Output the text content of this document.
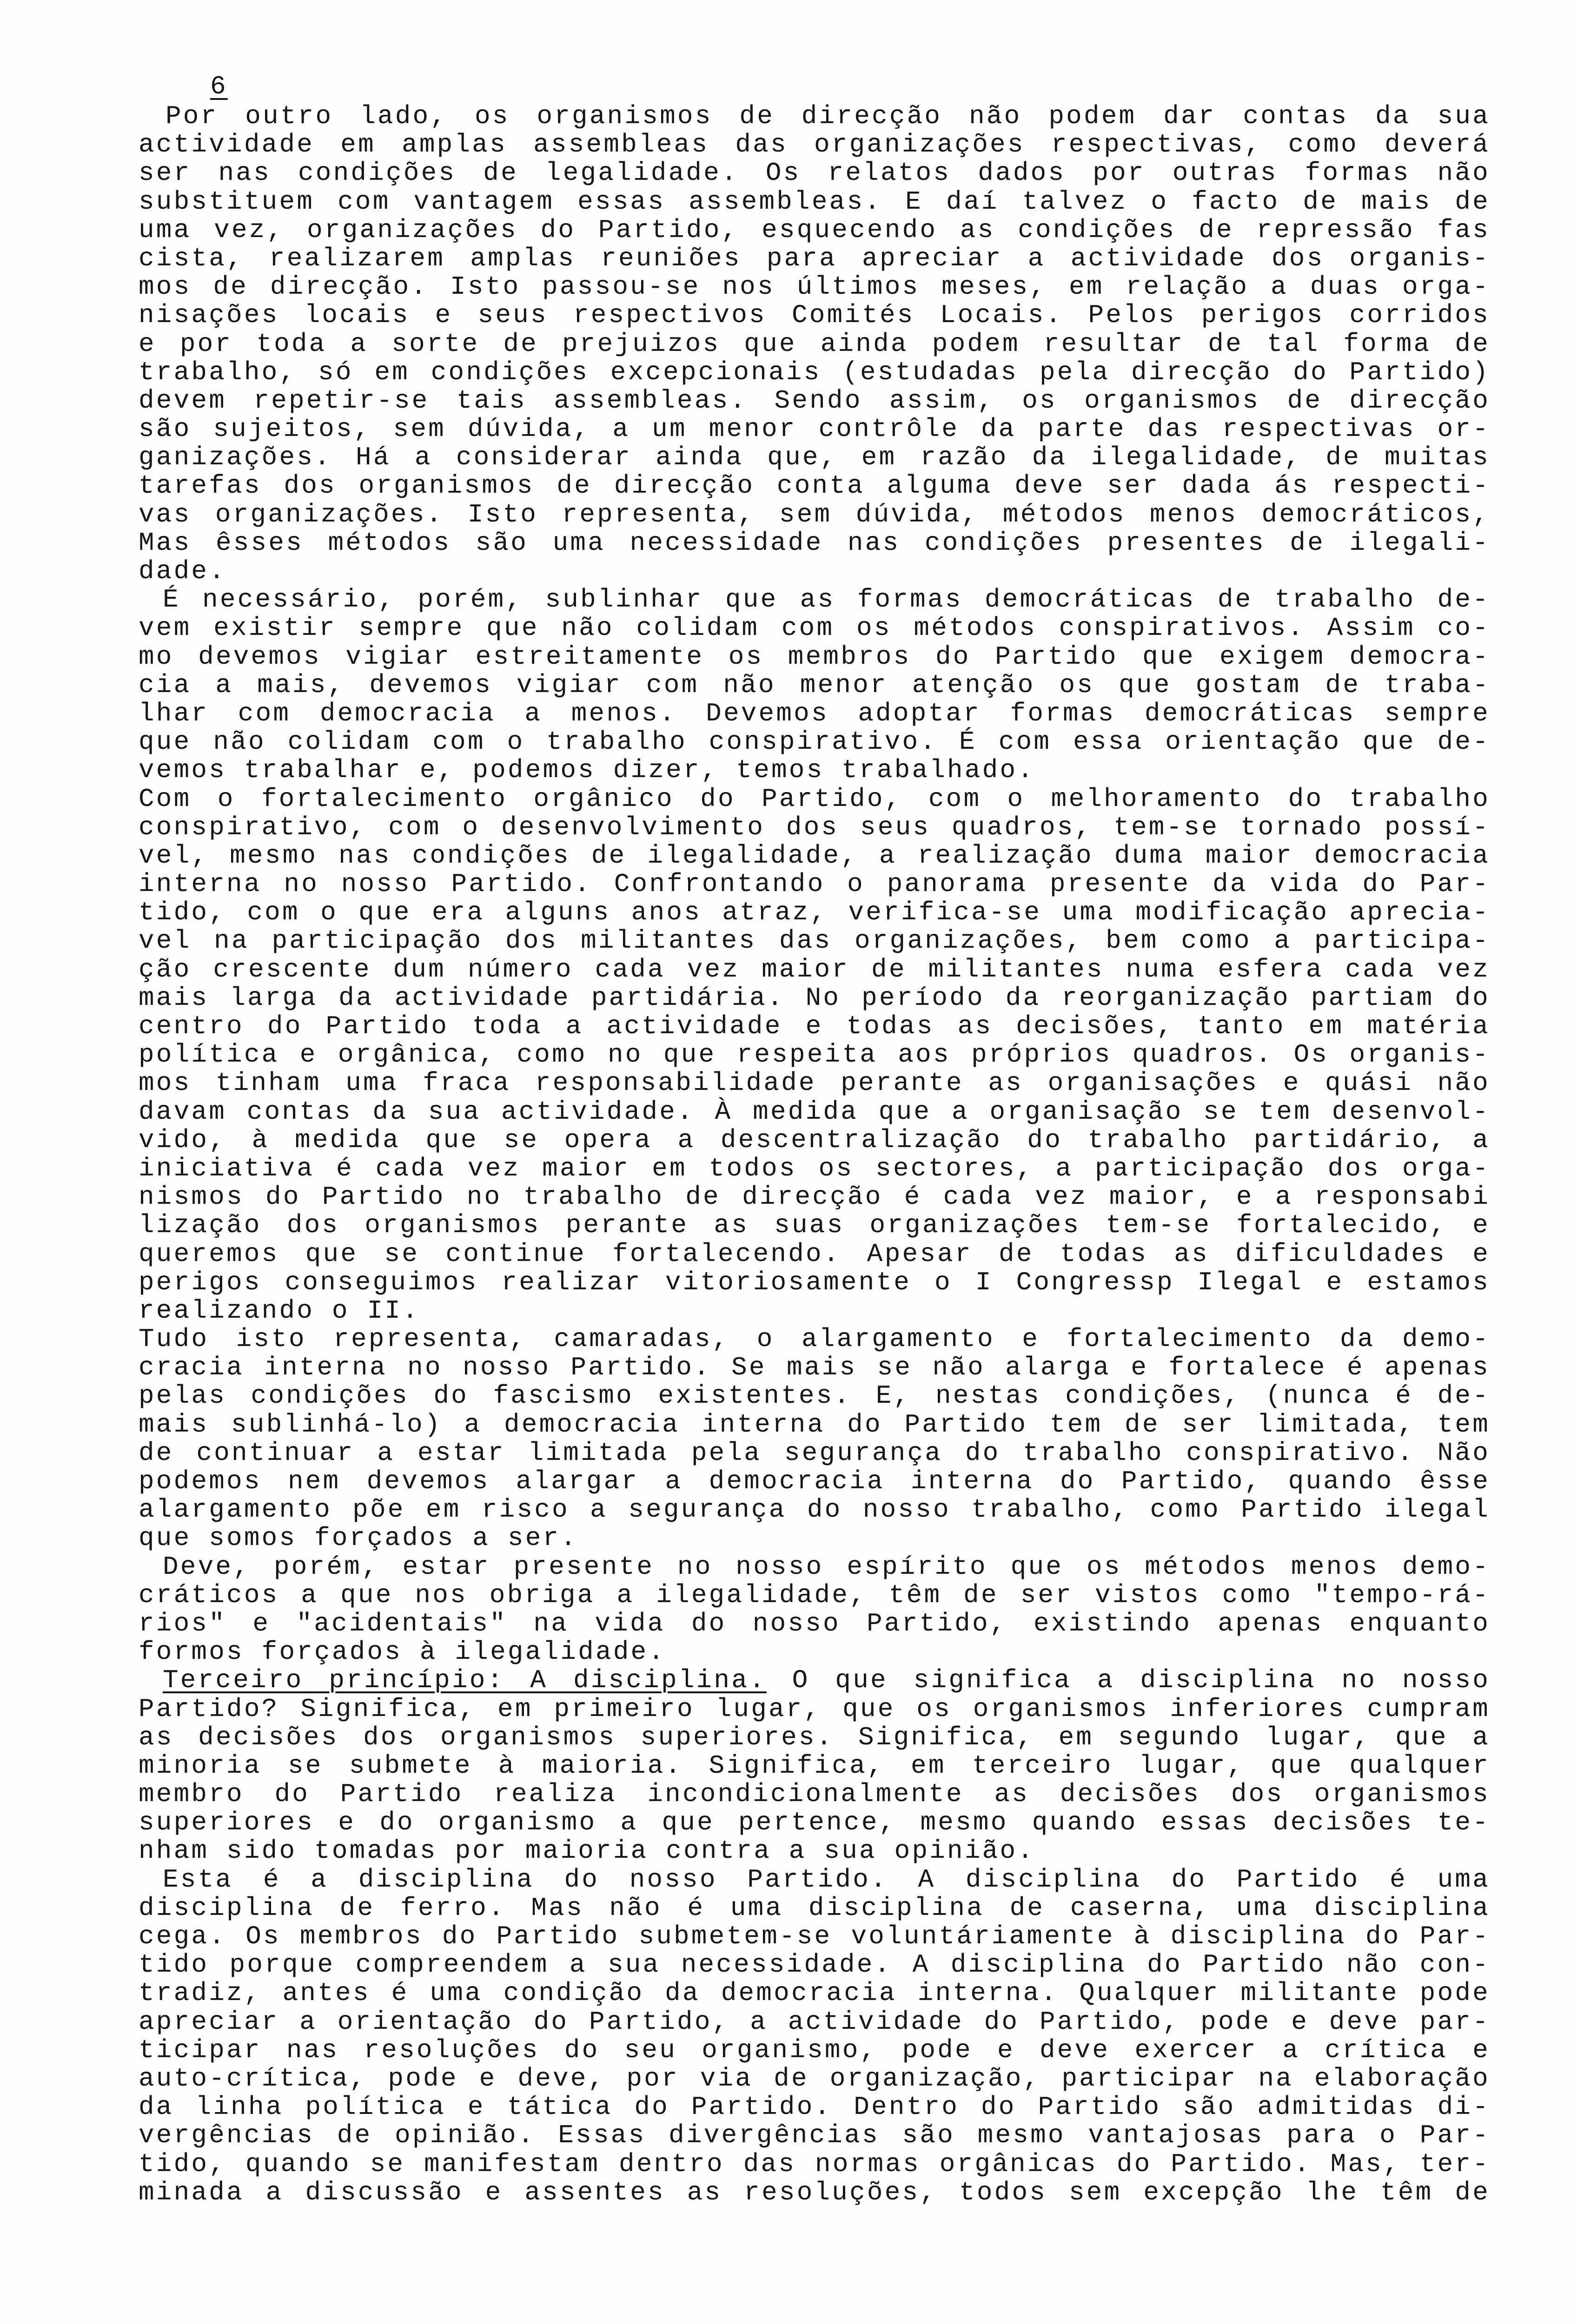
6
Por outro lado, os organismos de direcção não podem dar contas da sua
actividade em amplas assembleas das organizações respectivas, como deverá
ser nas condições de legalidade. Os relatos dados por outras formas não
substituem com vantagem essas assembleas. E daí talvez o facto de mais de
uma vez, organizações do Partido, esquecendo as condições de repressão fas
cista, realizarem amplas reuniões para apreciar a actividade dos organis-
mos de direcção. Isto passou-se nos últimos meses, em relação a duas orga-
nisações locais e seus respectivos Comités Locais. Pelos perigos corridos
e por toda a sorte de prejuizos que ainda podem resultar de tal forma de
trabalho, só em condições excepcionais (estudadas pela direcção do Partido)
devem repetir-se tais assembleas. Sendo assim, os organismos de direcção
são sujeitos, sem dúvida, a um menor contrôle da parte das respectivas or-
ganizações. Há a considerar ainda que, em razão da ilegalidade, de muitas
tarefas dos organismos de direcção conta alguma deve ser dada ás respecti-
vas organizações. Isto representa, sem dúvida, métodos menos democráticos,
Mas êsses métodos são uma necessidade nas condições presentes de ilegali-
dade.
É necessário, porém, sublinhar que as formas democráticas de trabalho de-
vem existir sempre que não colidam com os métodos conspirativos. Assim co-
mo devemos vigiar estreitamente os membros do Partido que exigem democra-
cia a mais, devemos vigiar com não menor atenção os que gostam de traba-
lhar com democracia a menos. Devemos adoptar formas democráticas sempre
que não colidam com o trabalho conspirativo. É com essa orientação que de-
vemos trabalhar e, podemos dizer, temos trabalhado.
Com o fortalecimento orgânico do Partido, com o melhoramento do trabalho
conspirativo, com o desenvolvimento dos seus quadros, tem-se tornado possí-
vel, mesmo nas condições de ilegalidade, a realização duma maior democracia
interna no nosso Partido. Confrontando o panorama presente da vida do Par-
tido, com o que era alguns anos atraz, verifica-se uma modificação aprecia-
vel na participação dos militantes das organizações, bem como a participa-
ção crescente dum número cada vez maior de militantes numa esfera cada vez
mais larga da actividade partidária. No período da reorganização partiam do
centro do Partido toda a actividade e todas as decisões, tanto em matéria
política e orgânica, como no que respeita aos próprios quadros. Os organis-
mos tinham uma fraca responsabilidade perante as organisações e quási não
davam contas da sua actividade. À medida que a organisação se tem desenvol-
vido, à medida que se opera a descentralização do trabalho partidário, a
iniciativa é cada vez maior em todos os sectores, a participação dos orga-
nismos do Partido no trabalho de direcção é cada vez maior, e a responsabi
lização dos organismos perante as suas organizações tem-se fortalecido, e
queremos que se continue fortalecendo. Apesar de todas as dificuldades e
perigos conseguimos realizar vitoriosamente o I Congressp Ilegal e estamos
realizando o II.
Tudo isto representa, camaradas, o alargamento e fortalecimento da demo-
cracia interna no nosso Partido. Se mais se não alarga e fortalece é apenas
pelas condições do fascismo existentes. E, nestas condições, (nunca é de-
mais sublinhá-lo) a democracia interna do Partido tem de ser limitada, tem
de continuar a estar limitada pela segurança do trabalho conspirativo. Não
podemos nem devemos alargar a democracia interna do Partido, quando êsse
alargamento põe em risco a segurança do nosso trabalho, como Partido ilegal
que somos forçados a ser.
Deve, porém, estar presente no nosso espírito que os métodos menos demo-
cráticos a que nos obriga a ilegalidade, têm de ser vistos como "tempo-rá-
rios" e "acidentais" na vida do nosso Partido, existindo apenas enquanto
formos forçados à ilegalidade.
Terceiro princípio: A disciplina. O que significa a disciplina no nosso
Partido? Significa, em primeiro lugar, que os organismos inferiores cumpram
as decisões dos organismos superiores. Significa, em segundo lugar, que a
minoria se submete à maioria. Significa, em terceiro lugar, que qualquer
membro do Partido realiza incondicionalmente as decisões dos organismos
superiores e do organismo a que pertence, mesmo quando essas decisões te-
nham sido tomadas por maioria contra a sua opinião.
Esta é a disciplina do nosso Partido. A disciplina do Partido é uma
disciplina de ferro. Mas não é uma disciplina de caserna, uma disciplina
cega. Os membros do Partido submetem-se voluntáriamente à disciplina do Par-
tido porque compreendem a sua necessidade. A disciplina do Partido não con-
tradiz, antes é uma condição da democracia interna. Qualquer militante pode
apreciar a orientação do Partido, a actividade do Partido, pode e deve par-
ticipar nas resoluções do seu organismo, pode e deve exercer a crítica e
auto-crítica, pode e deve, por via de organização, participar na elaboração
da linha política e tática do Partido. Dentro do Partido são admitidas di-
vergências de opinião. Essas divergências são mesmo vantajosas para o Par-
tido, quando se manifestam dentro das normas orgânicas do Partido. Mas, ter-
minada a discussão e assentes as resoluções, todos sem excepção lhe têm de
